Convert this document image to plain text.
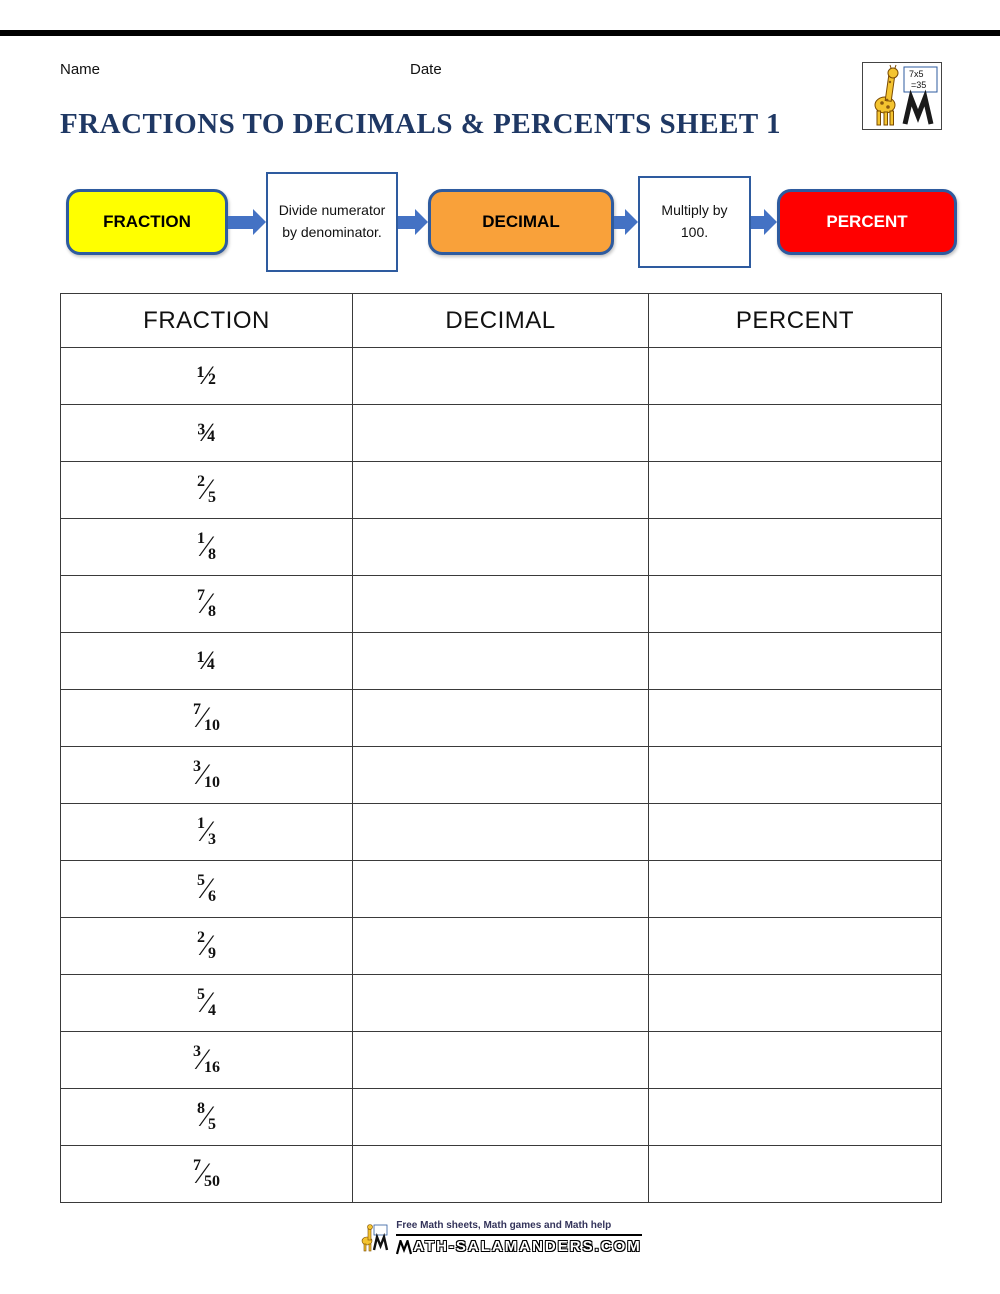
Name	Date	7x5
=35
FRACTIONS TO DECIMALS & PERCENTS SHEET 1
FRACTION
Divide numerator by denominator.
DECIMAL
Multiply by 100.
PERCENT
FRACTION	DECIMAL	PERCENT
½		
¾		

2 ⁄ 5		

1 ⁄ 8		

7 ⁄ 8		

¼		

7 ⁄ 10		

3 ⁄ 10		

1 ⁄ 3		

5 ⁄ 6		

2 ⁄ 9		

5 ⁄ 4		

3 ⁄ 16		

8 ⁄ 5		

7 ⁄ 50		

Free Math sheets, Math games and Math help
ATH-SALAMANDERS.COM
